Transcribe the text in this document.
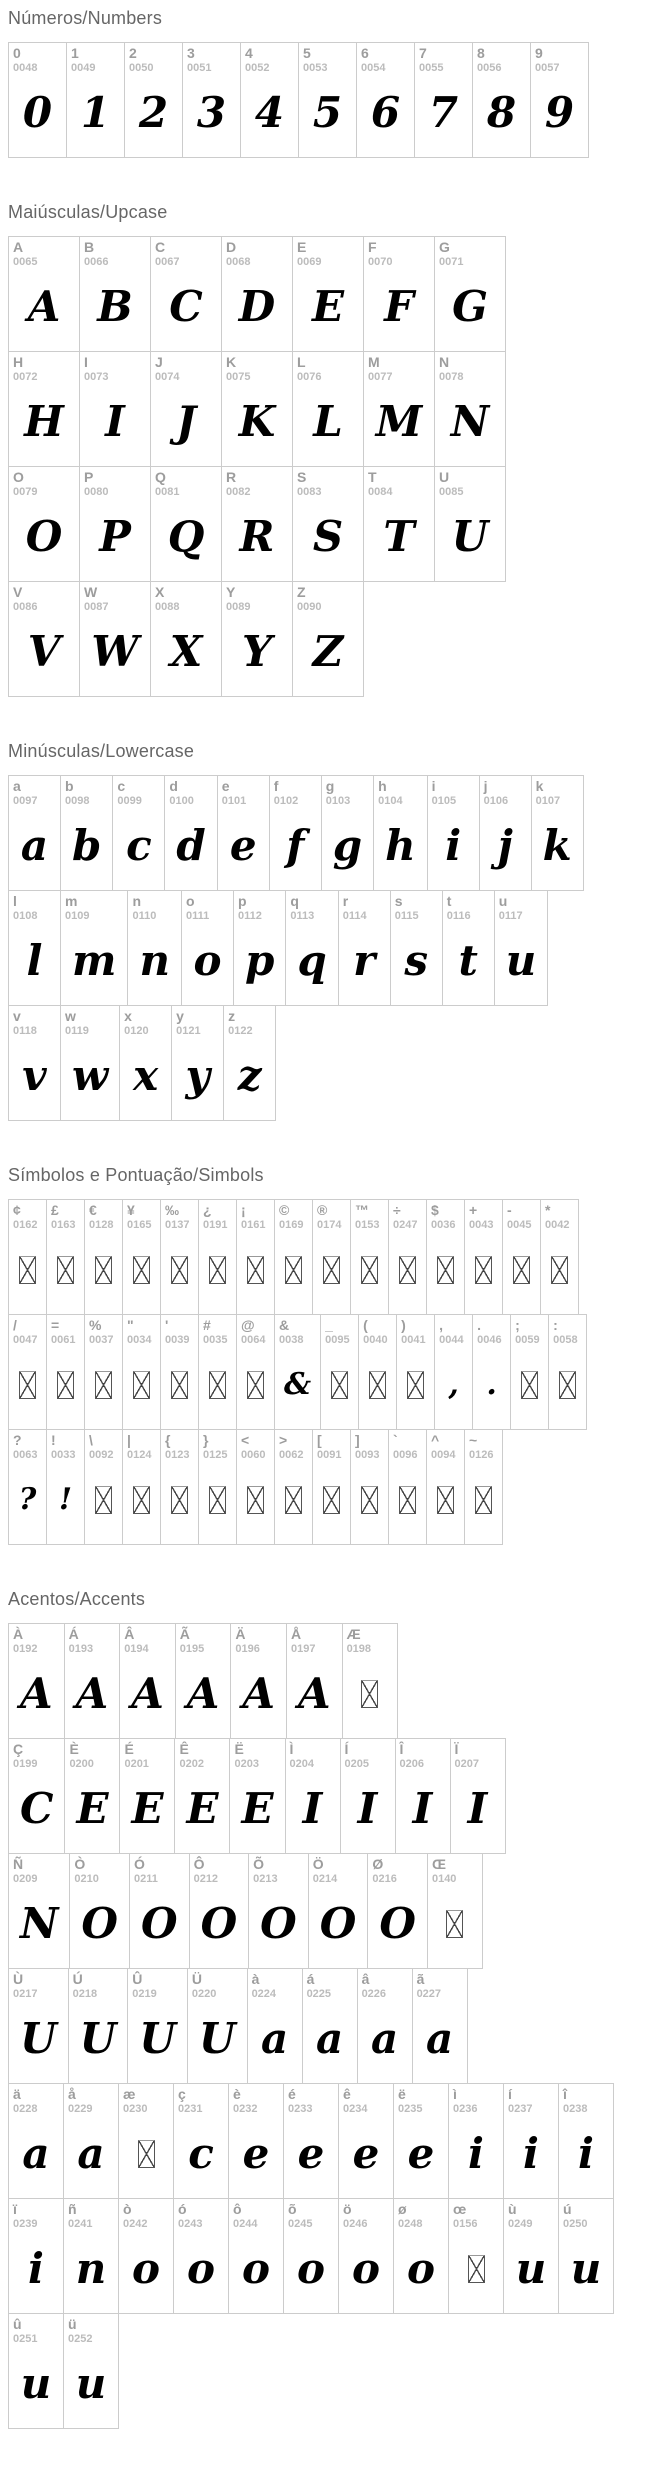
Números/Numbers
0
0048
0
1
0049
1
2
0050
2
3
0051
3
4
0052
4
5
0053
5
6
0054
6
7
0055
7
8
0056
8
9
0057
9
Maiúsculas/Upcase
A
0065
A
B
0066
B
C
0067
C
D
0068
D
E
0069
E
F
0070
F
G
0071
G
H
0072
H
I
0073
I
J
0074
J
K
0075
K
L
0076
L
M
0077
M
N
0078
N
O
0079
O
P
0080
P
Q
0081
Q
R
0082
R
S
0083
S
T
0084
T
U
0085
U
V
0086
V
W
0087
W
X
0088
X
Y
0089
Y
Z
0090
Z
Minúsculas/Lowercase
a
0097
a
b
0098
b
c
0099
c
d
0100
d
e
0101
e
f
0102
f
g
0103
g
h
0104
h
i
0105
i
j
0106
j
k
0107
k
l
0108
l
m
0109
m
n
0110
n
o
0111
o
p
0112
p
q
0113
q
r
0114
r
s
0115
s
t
0116
t
u
0117
u
v
0118
v
w
0119
w
x
0120
x
y
0121
y
z
0122
z
Símbolos e Pontuação/Simbols
¢
0162
£
0163
€
0128
¥
0165
‰
0137
¿
0191
¡
0161
©
0169
®
0174
™
0153
÷
0247
$
0036
+
0043
-
0045
*
0042
/
0047
=
0061
%
0037
"
0034
'
0039
#
0035
@
0064
&
0038
&
_
0095
(
0040
)
0041
,
0044
,
.
0046
.
;
0059
:
0058
?
0063
?
!
0033
!
\
0092
|
0124
{
0123
}
0125
<
0060
>
0062
[
0091
]
0093
`
0096
^
0094
~
0126
Acentos/Accents
À
0192
A
Á
0193
A
Â
0194
A
Ã
0195
A
Ä
0196
A
Å
0197
A
Æ
0198
Ç
0199
C
È
0200
E
É
0201
E
Ê
0202
E
Ë
0203
E
Ì
0204
I
Í
0205
I
Î
0206
I
Ï
0207
I
Ñ
0209
N
Ò
0210
O
Ó
0211
O
Ô
0212
O
Õ
0213
O
Ö
0214
O
Ø
0216
O
Œ
0140
Ù
0217
U
Ú
0218
U
Û
0219
U
Ü
0220
U
à
0224
a
á
0225
a
â
0226
a
ã
0227
a
ä
0228
a
å
0229
a
æ
0230
ç
0231
c
è
0232
e
é
0233
e
ê
0234
e
ë
0235
e
ì
0236
i
í
0237
i
î
0238
i
ï
0239
i
ñ
0241
n
ò
0242
o
ó
0243
o
ô
0244
o
õ
0245
o
ö
0246
o
ø
0248
o
œ
0156
ù
0249
u
ú
0250
u
û
0251
u
ü
0252
u
